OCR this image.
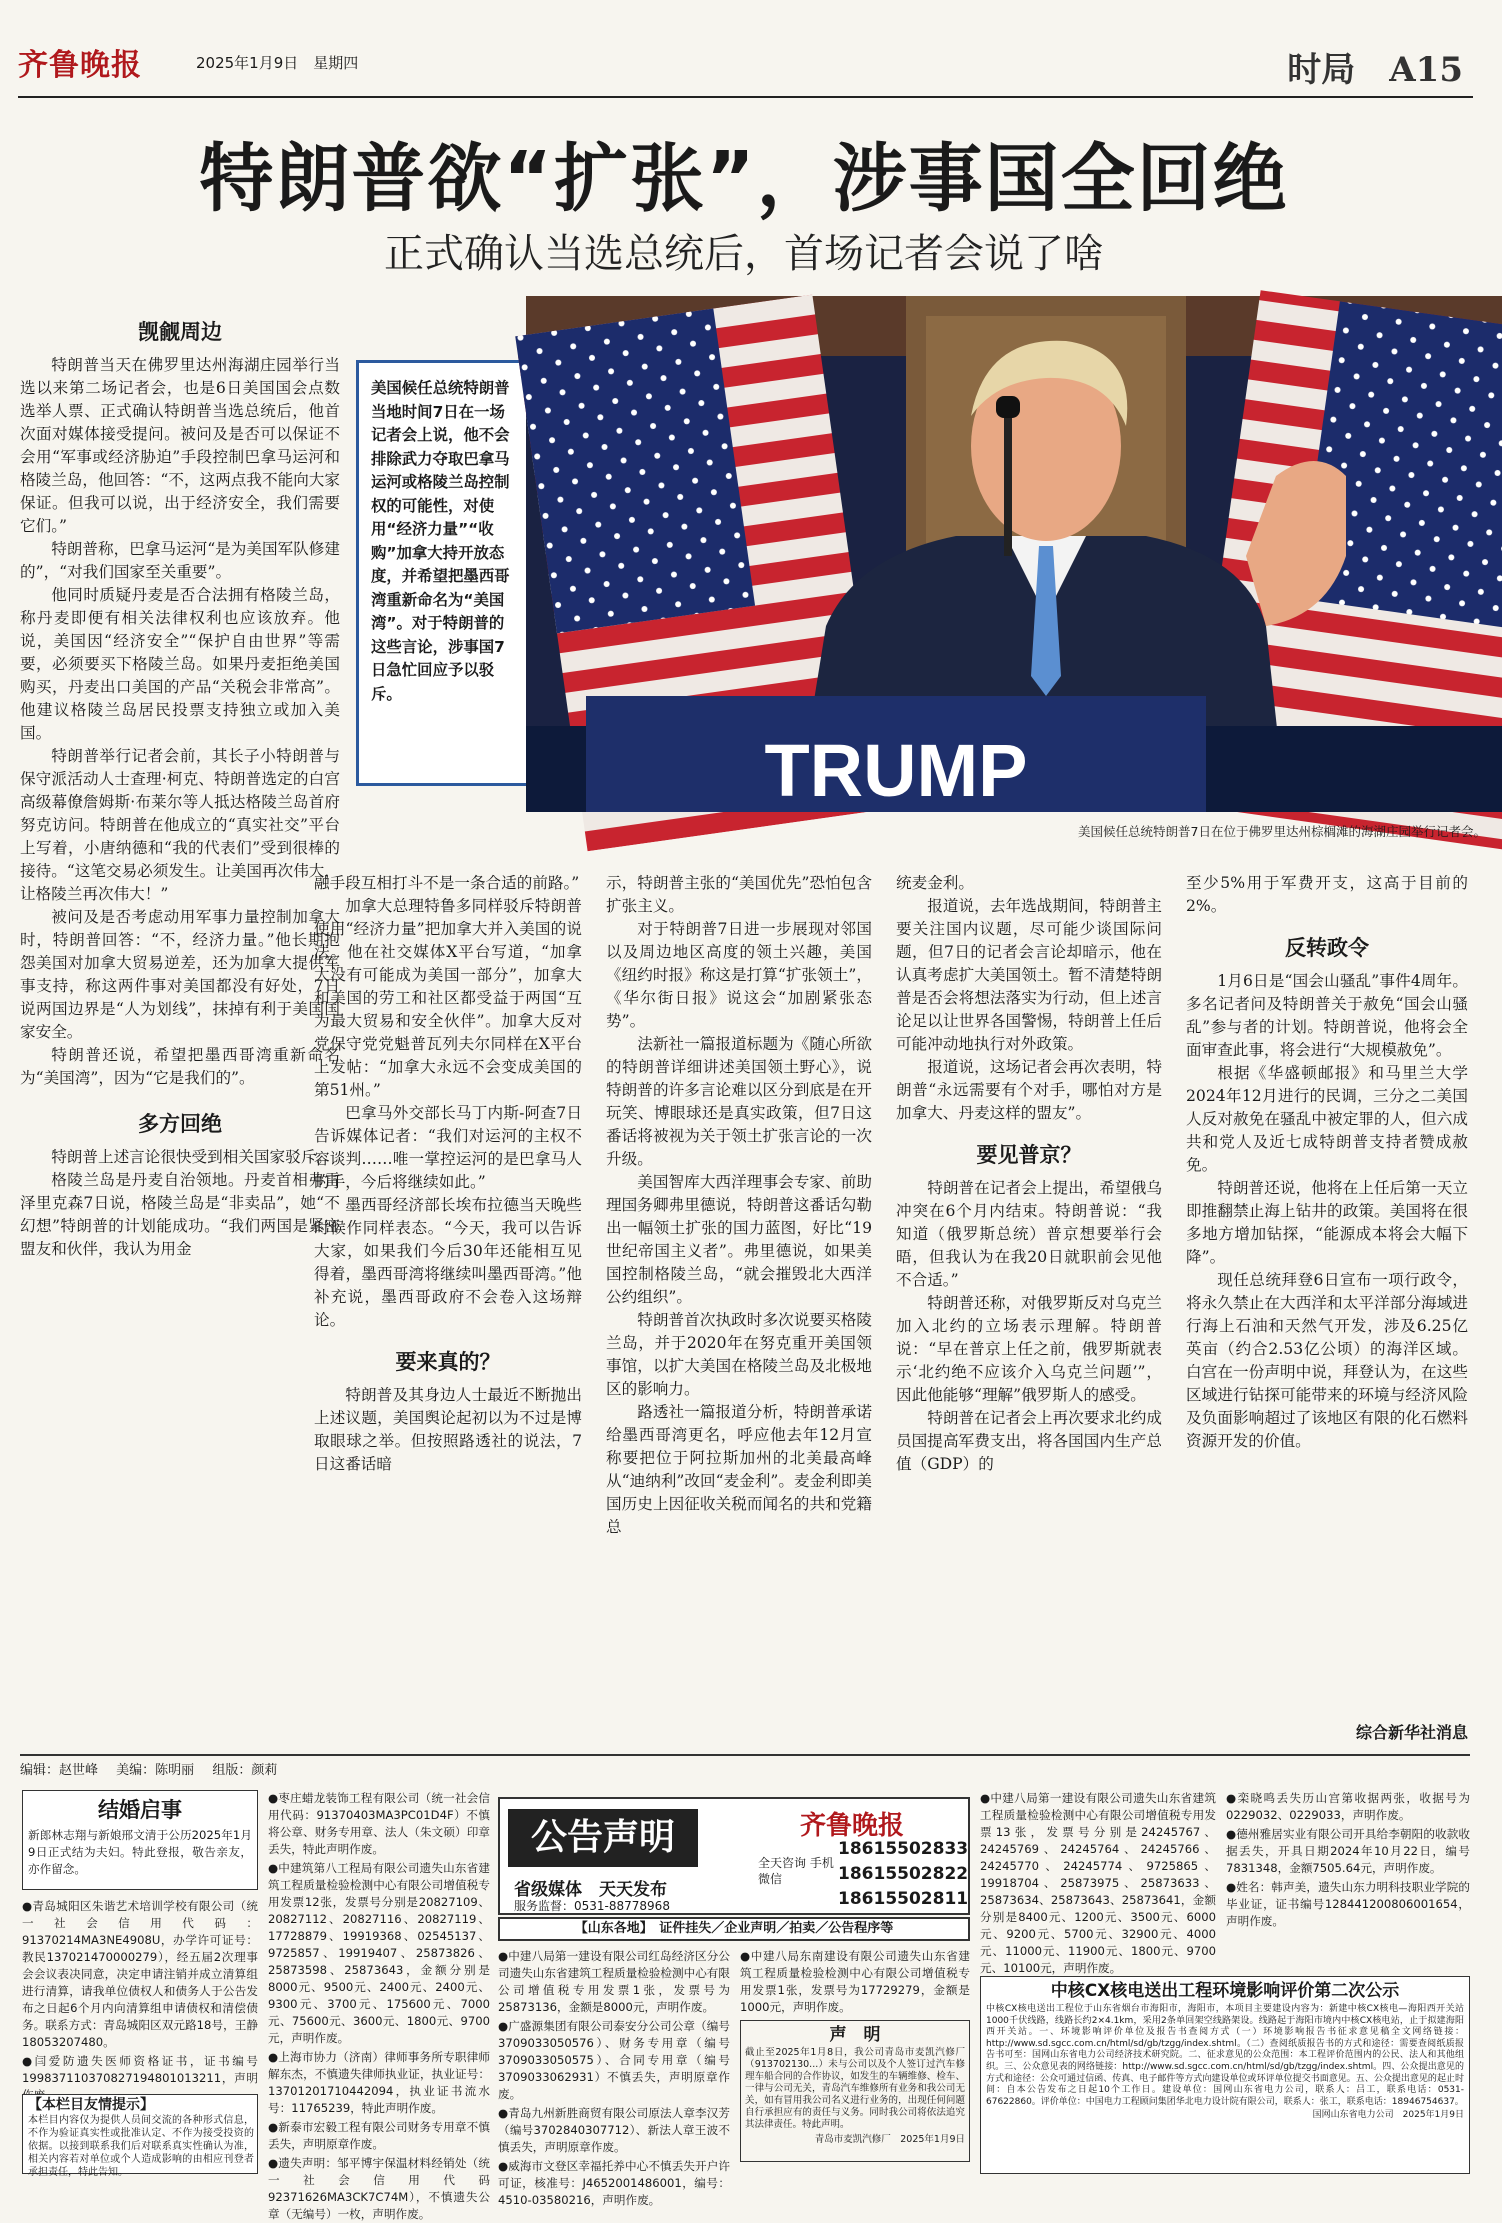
齐鲁晚报	2025年1月9日　星期四	时局　A15
特朗普欲“扩张”，涉事国全回绝
正式确认当选总统后，首场记者会说了啥
觊觎周边

特朗普当天在佛罗里达州海湖庄园举行当选以来第二场记者会，也是6日美国国会点数选举人票、正式确认特朗普当选总统后，他首次面对媒体接受提问。被问及是否可以保证不会用“军事或经济胁迫”手段控制巴拿马运河和格陵兰岛，他回答：“不，这两点我不能向大家保证。但我可以说，出于经济安全，我们需要它们。”

特朗普称，巴拿马运河“是为美国军队修建的”，“对我们国家至关重要”。

他同时质疑丹麦是否合法拥有格陵兰岛，称丹麦即便有相关法律权利也应该放弃。他说，美国因“经济安全”“保护自由世界”等需要，必须要买下格陵兰岛。如果丹麦拒绝美国购买，丹麦出口美国的产品“关税会非常高”。他建议格陵兰岛居民投票支持独立或加入美国。

特朗普举行记者会前，其长子小特朗普与保守派活动人士查理·柯克、特朗普选定的白宫高级幕僚詹姆斯·布莱尔等人抵达格陵兰岛首府努克访问。特朗普在他成立的“真实社交”平台上写着，小唐纳德和“我的代表们”受到很棒的接待。“这笔交易必须发生。让美国再次伟大，让格陵兰再次伟大！”

被问及是否考虑动用军事力量控制加拿大时，特朗普回答：“不，经济力量。”他长期抱怨美国对加拿大贸易逆差，还为加拿大提供军事支持，称这两件事对美国都没有好处，7日说两国边界是“人为划线”，抹掉有利于美国国家安全。

特朗普还说，希望把墨西哥湾重新命名为“美国湾”，因为“它是我们的”。

多方回绝

特朗普上述言论很快受到相关国家驳斥。

格陵兰岛是丹麦自治领地。丹麦首相弗雷泽里克森7日说，格陵兰岛是“非卖品”，她“不幻想”特朗普的计划能成功。“我们两国是紧密盟友和伙伴，我认为用金

美国候任总统特朗普当地时间7日在一场记者会上说，他不会排除武力夺取巴拿马运河或格陵兰岛控制权的可能性，对使用“经济力量”“收购”加拿大持开放态度，并希望把墨西哥湾重新命名为“美国湾”。对于特朗普的这些言论，涉事国7日急忙回应予以驳斥。
TRUMP
美国候任总统特朗普7日在位于佛罗里达州棕榈滩的海湖庄园举行记者会。

融手段互相打斗不是一条合适的前路。”

加拿大总理特鲁多同样驳斥特朗普使用“经济力量”把加拿大并入美国的说法。他在社交媒体X平台写道，“加拿大没有可能成为美国一部分”，加拿大和美国的劳工和社区都受益于两国“互为最大贸易和安全伙伴”。加拿大反对党保守党党魁普瓦列夫尔同样在X平台上发帖：“加拿大永远不会变成美国的第51州。”

巴拿马外交部长马丁内斯-阿查7日告诉媒体记者：“我们对运河的主权不容谈判……唯一掌控运河的是巴拿马人的手，今后将继续如此。”

墨西哥经济部长埃布拉德当天晚些时候作同样表态。“今天，我可以告诉大家，如果我们今后30年还能相互见得着，墨西哥湾将继续叫墨西哥湾。”他补充说，墨西哥政府不会卷入这场辩论。

要来真的？

特朗普及其身边人士最近不断抛出上述议题，美国舆论起初以为不过是博取眼球之举。但按照路透社的说法，7日这番话暗

示，特朗普主张的“美国优先”恐怕包含扩张主义。

对于特朗普7日进一步展现对邻国以及周边地区高度的领土兴趣，美国《纽约时报》称这是打算“扩张领土”，《华尔街日报》说这会“加剧紧张态势”。

法新社一篇报道标题为《随心所欲的特朗普详细讲述美国领土野心》，说特朗普的许多言论难以区分到底是在开玩笑、博眼球还是真实政策，但7日这番话将被视为关于领土扩张言论的一次升级。

美国智库大西洋理事会专家、前助理国务卿弗里德说，特朗普这番话勾勒出一幅领土扩张的国力蓝图，好比“19世纪帝国主义者”。弗里德说，如果美国控制格陵兰岛，“就会摧毁北大西洋公约组织”。

特朗普首次执政时多次说要买格陵兰岛，并于2020年在努克重开美国领事馆，以扩大美国在格陵兰岛及北极地区的影响力。

路透社一篇报道分析，特朗普承诺给墨西哥湾更名，呼应他去年12月宣称要把位于阿拉斯加州的北美最高峰从“迪纳利”改回“麦金利”。麦金利即美国历史上因征收关税而闻名的共和党籍总

统麦金利。

报道说，去年选战期间，特朗普主要关注国内议题，尽可能少谈国际问题，但7日的记者会言论却暗示，他在认真考虑扩大美国领土。暂不清楚特朗普是否会将想法落实为行动，但上述言论足以让世界各国警惕，特朗普上任后可能冲动地执行对外政策。

报道说，这场记者会再次表明，特朗普“永远需要有个对手，哪怕对方是加拿大、丹麦这样的盟友”。

要见普京？

特朗普在记者会上提出，希望俄乌冲突在6个月内结束。特朗普说：“我知道（俄罗斯总统）普京想要举行会晤，但我认为在我20日就职前会见他不合适。”

特朗普还称，对俄罗斯反对乌克兰加入北约的立场表示理解。特朗普说：“早在普京上任之前，俄罗斯就表示‘北约绝不应该介入乌克兰问题’”，因此他能够“理解”俄罗斯人的感受。

特朗普在记者会上再次要求北约成员国提高军费支出，将各国国内生产总值（GDP）的

至少5%用于军费开支，这高于目前的2%。

反转政令

1月6日是“国会山骚乱”事件4周年。多名记者问及特朗普关于赦免“国会山骚乱”参与者的计划。特朗普说，他将会全面审查此事，将会进行“大规模赦免”。

根据《华盛顿邮报》和马里兰大学2024年12月进行的民调，三分之二美国人反对赦免在骚乱中被定罪的人，但六成共和党人及近七成特朗普支持者赞成赦免。

特朗普还说，他将在上任后第一天立即推翻禁止海上钻井的政策。美国将在很多地方增加钻探，“能源成本将会大幅下降”。

现任总统拜登6日宣布一项行政令，将永久禁止在大西洋和太平洋部分海域进行海上石油和天然气开发，涉及6.25亿英亩（约合2.53亿公顷）的海洋区域。白宫在一份声明中说，拜登认为，在这些区域进行钻探可能带来的环境与经济风险及负面影响超过了该地区有限的化石燃料资源开发的价值。

综合新华社消息
编辑：赵世峰 美编：陈明丽 组版：颜莉
结婚启事

新郎林志翔与新娘邢文清于公历2025年1月9日正式结为夫妇。特此登报，敬告亲友，亦作留念。

●青岛城阳区朱谐艺术培训学校有限公司（统一社会信用代码：91370214MA3NE4908U，办学许可证号：教民137021470000279），经五届2次理事会会议表决同意，决定申请注销并成立清算组进行清算，请我单位债权人和债务人于公告发布之日起6个月内向清算组申请债权和清偿债务。联系方式：青岛城阳区双元路18号，王静18053207480。

●闫爱防遗失医师资格证书，证书编号199837110370827194801013211，声明

【本栏目友情提示】

本栏目内容仅为提供人员间交流的各种形式信息，不作为验证真实性或批准认定、不作为接受投资的依据。以接到联系我们后对联系真实性确认为准，相关内容若对单位或个人造成影响的由相应刊登者承担责任，特此告知。

●枣庄蜡龙装饰工程有限公司（统一社会信用代码：91370403MA3PC01D4F）不慎将公章、财务专用章、法人（朱文硕）印章丢失，特此声明作废。

●中建筑第八工程局有限公司遗失山东省建筑工程质量检验检测中心有限公司增值税专用发票12张，发票号分别是20827109、20827112、20827116、20827119、17728879、19919368、02545137、9725857、19919407、25873826、25873598、25873643，金额分别是8000元、9500元、2400元、2400元、9300元、3700元、175600元、7000元、75600元、3600元、1800元、9700元，声明作废。

●上海市协力（济南）律师事务所专职律师解东杰，不慎遗失律师执业证，执业证号：13701201710442094，执业证书流水号：11765239，特此声明作废。

●新泰市宏毅工程有限公司财务专用章不慎丢失，声明原章作废。

●遗失声明：邹平博宇保温材料经销处（统一社会信用代码92371626MA3CK7C74M），不慎遗失公章（无编号）一枚，声明作废。

公告声明
省级媒体　天天发布
服务监督：0531-88778968
齐鲁晚报
全天咨询 手机微信
18615502833
18615502822
18615502811
【山东各地】　证件挂失／企业声明／拍卖／公告程序等

●中建八局第一建设有限公司红岛经济区分公司遗失山东省建筑工程质量检验检测中心有限公司增值税专用发票1张，发票号为25873136，金额是8000元，声明作废。

●广盛源集团有限公司泰安分公司公章（编号3709033050576）、财务专用章（编号3709033050575）、合同专用章（编号3709033062931）不慎丢失，声明原章作废。

●青岛九州新胜商贸有限公司原法人章李汉芳（编号3702840307712）、新法人章王波不慎丢失，声明原章作废。

●威海市文登区幸福托养中心不慎丢失开户许可证，核准号：J4652001486001，编号：4510-03580216，声明作废。

●中建八局东南建设有限公司遗失山东省建筑工程质量检验检测中心有限公司增值税专用发票1张，发票号为17729279，金额是1000元，声明作废。

声　明
截止至2025年1月8日，我公司青岛市麦凯汽修厂（913702130...）未与公司以及个人签订过汽车修理车船合同的合作协议，如发生的车辆维修、检车、一律与公司无关，青岛汽车维修所有业务和我公司无关，如有冒用我公司名义进行业务的，出现任何问题自行承担应有的责任与义务。同时我公司将依法追究其法律责任。特此声明。
青岛市麦凯汽修厂　2025年1月9日

●中建八局第一建设有限公司遗失山东省建筑工程质量检验检测中心有限公司增值税专用发票13张，发票号分别是24245767、24245769、24245764、24245766、24245770、24245774、9725865、19918704、25873975、25873633、25873634、25873643、25873641，金额分别是8400元、1200元、3500元、6000元、9200元、5700元、32900元、4000元、11000元、11900元、1800元、9700元、10100元，声明作废。

●栾晓鸣丢失历山宫第收据两张，收据号为0229032、0229033，声明作废。

●德州雅居实业有限公司开具给李朝阳的收款收据丢失，开具日期2024年10月22日，编号7831348，金额7505.64元，声明作废。

●姓名：韩声美，遗失山东力明科技职业学院的毕业证，证书编号128441200806001654，声明作废。

中核CX核电送出工程环境影响评价第二次公示

中核CX核电送出工程位于山东省烟台市海阳市，海阳市，本项目主要建设内容为：新建中核CX核电—海阳西开关站1000千伏线路，线路长约2×4.1km，采用2条单回架空线路架设。线路起于海阳市境内中核CX核电站，止于拟建海阳西开关站。一、环境影响评价单位及报告书查阅方式（一）环境影响报告书征求意见稿全文网络链接：http://www.sd.sgcc.com.cn/html/sd/gb/tzgg/index.shtml。（二）查阅纸质报告书的方式和途径：需要查阅纸质报告书可至：国网山东省电力公司经济技术研究院。二、征求意见的公众范围：本工程评价范围内的公民、法人和其他组织。三、公众意见表的网络链接：http://www.sd.sgcc.com.cn/html/sd/gb/tzgg/index.shtml。四、公众提出意见的方式和途径：公众可通过信函、传真、电子邮件等方式向建设单位或环评单位提交书面意见。五、公众提出意见的起止时间：自本公告发布之日起10个工作日。建设单位：国网山东省电力公司，联系人：吕工，联系电话：0531-67622860。评价单位：中国电力工程顾问集团华北电力设计院有限公司，联系人：张工，联系电话：18946754637。

国网山东省电力公司　2025年1月9日
